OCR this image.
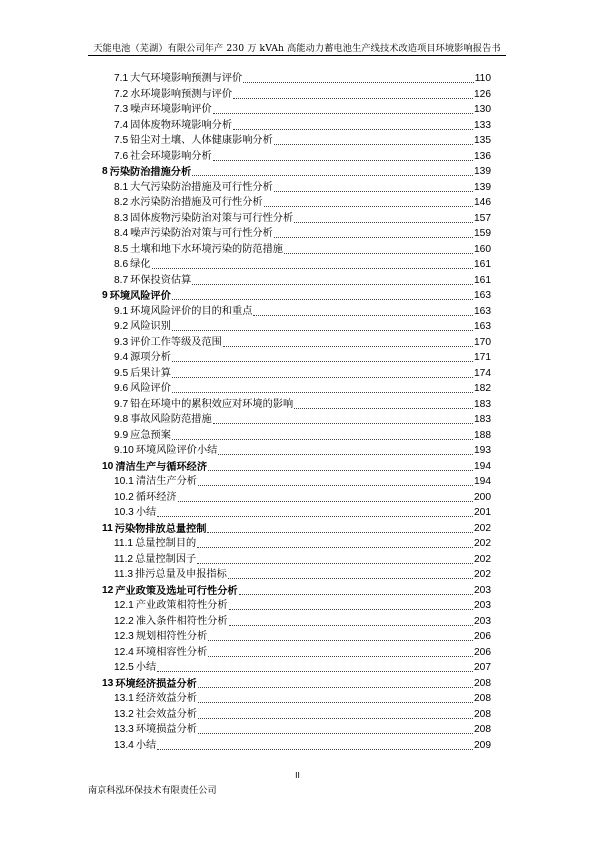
天能电池（芜湖）有限公司年产 230 万 kVAh 高能动力蓄电池生产线技术改造项目环境影响报告书
7.1 大气环境影响预测与评价	110
7.2 水环境影响预测与评价	126
7.3 噪声环境影响评价	130
7.4 固体废物环境影响分析	133
7.5 铅尘对土壤、人体健康影响分析	135
7.6 社会环境影响分析	136
8 污染防治措施分析	139
8.1 大气污染防治措施及可行性分析	139
8.2 水污染防治措施及可行性分析	146
8.3 固体废物污染防治对策与可行性分析	157
8.4 噪声污染防治对策与可行性分析	159
8.5 土壤和地下水环境污染的防范措施	160
8.6 绿化	161
8.7 环保投资估算	161
9 环境风险评价	163
9.1 环境风险评价的目的和重点	163
9.2 风险识别	163
9.3 评价工作等级及范围	170
9.4 源项分析	171
9.5 后果计算	174
9.6 风险评价	182
9.7 铅在环境中的累积效应对环境的影响	183
9.8 事故风险防范措施	183
9.9 应急预案	188
9.10 环境风险评价小结	193
10 清洁生产与循环经济	194
10.1 清洁生产分析	194
10.2 循环经济	200
10.3 小结	201
11 污染物排放总量控制	202
11.1 总量控制目的	202
11.2 总量控制因子	202
11.3 排污总量及申报指标	202
12 产业政策及选址可行性分析	203
12.1 产业政策相符性分析	203
12.2 准入条件相符性分析	203
12.3 规划相符性分析	206
12.4 环境相容性分析	206
12.5 小结	207
13 环境经济损益分析	208
13.1 经济效益分析	208
13.2 社会效益分析	208
13.3 环境损益分析	208
13.4 小结	209
II
南京科泓环保技术有限责任公司
